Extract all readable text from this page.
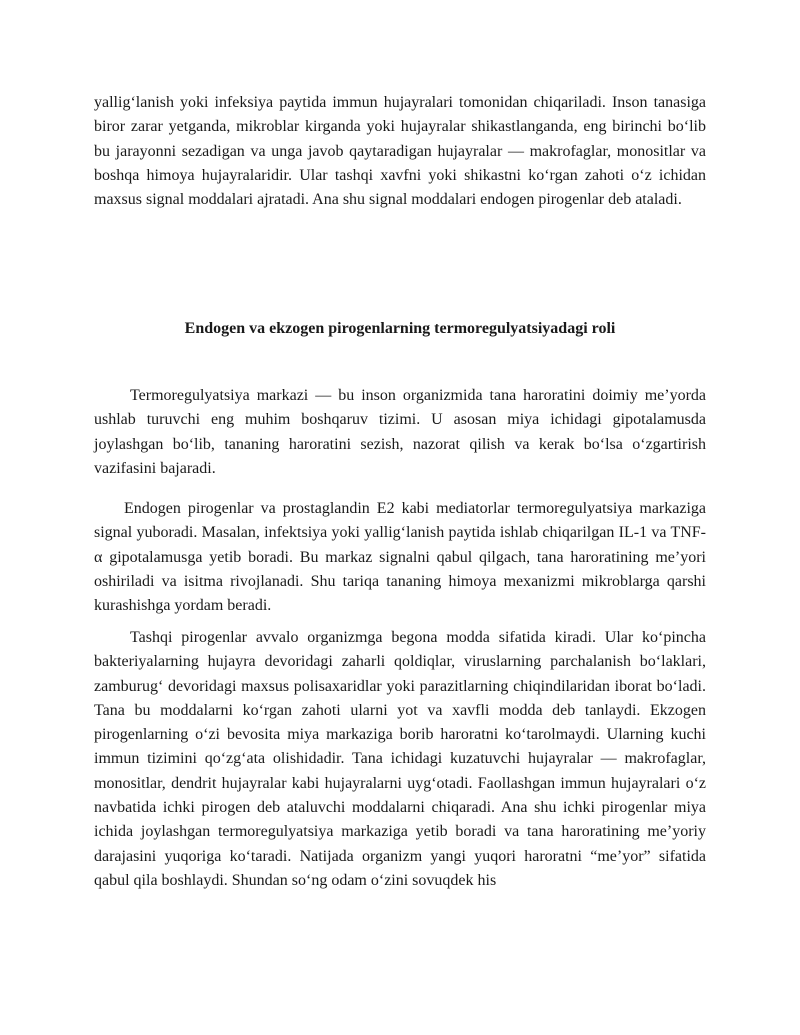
yallig‘lanish yoki infeksiya paytida immun hujayralari tomonidan chiqariladi. Inson tanasiga biror zarar yetganda, mikroblar kirganda yoki hujayralar shikastlanganda, eng birinchi bo‘lib bu jarayonni sezadigan va unga javob qaytaradigan hujayralar — makrofaglar, monositlar va boshqa himoya hujayralaridir. Ular tashqi xavfni yoki shikastni ko‘rgan zahoti o‘z ichidan maxsus signal moddalari ajratadi. Ana shu signal moddalari endogen pirogenlar deb ataladi.

Endogen va ekzogen pirogenlarning termoregulyatsiyadagi roli

Termoregulyatsiya markazi — bu inson organizmida tana haroratini doimiy me’yorda ushlab turuvchi eng muhim boshqaruv tizimi. U asosan miya ichidagi gipotalamusda joylashgan bo‘lib, tananing haroratini sezish, nazorat qilish va kerak bo‘lsa o‘zgartirish vazifasini bajaradi.

Endogen pirogenlar va prostaglandin E2 kabi mediatorlar termoregulyatsiya markaziga signal yuboradi. Masalan, infektsiya yoki yallig‘lanish paytida ishlab chiqarilgan IL-1 va TNF-α gipotalamusga yetib boradi. Bu markaz signalni qabul qilgach, tana haroratining me’yori oshiriladi va isitma rivojlanadi. Shu tariqa tananing himoya mexanizmi mikroblarga qarshi kurashishga yordam beradi.

Tashqi pirogenlar avvalo organizmga begona modda sifatida kiradi. Ular ko‘pincha bakteriyalarning hujayra devoridagi zaharli qoldiqlar, viruslarning parchalanish bo‘laklari, zamburug‘ devoridagi maxsus polisaxaridlar yoki parazitlarning chiqindilaridan iborat bo‘ladi. Tana bu moddalarni ko‘rgan zahoti ularni yot va xavfli modda deb tanlaydi. Ekzogen pirogenlarning o‘zi bevosita miya markaziga borib haroratni ko‘tarolmaydi. Ularning kuchi immun tizimini qo‘zg‘ata olishidadir. Tana ichidagi kuzatuvchi hujayralar — makrofaglar, monositlar, dendrit hujayralar kabi hujayralarni uyg‘otadi. Faollashgan immun hujayralari o‘z navbatida ichki pirogen deb ataluvchi moddalarni chiqaradi. Ana shu ichki pirogenlar miya ichida joylashgan termoregulyatsiya markaziga yetib boradi va tana haroratining me’yoriy darajasini yuqoriga ko‘taradi. Natijada organizm yangi yuqori haroratni “me’yor” sifatida qabul qila boshlaydi. Shundan so‘ng odam o‘zini sovuqdek his
